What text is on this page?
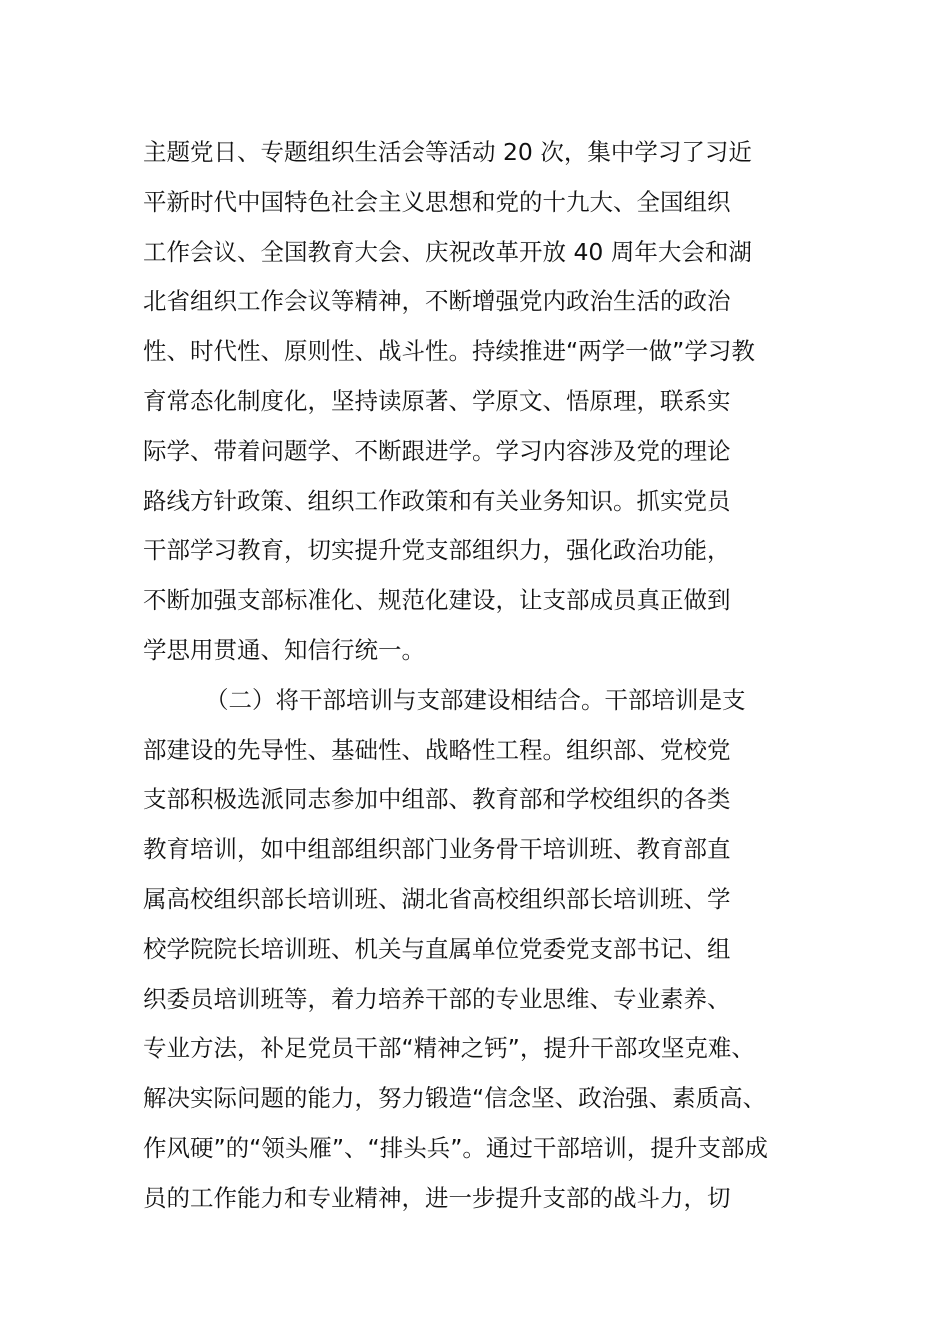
主题党日、专题组织生活会等活动 20 次，集中学习了习近
平新时代中国特色社会主义思想和党的十九大、全国组织
工作会议、全国教育大会、庆祝改革开放 40 周年大会和湖
北省组织工作会议等精神，不断增强党内政治生活的政治
性、时代性、原则性、战斗性。持续推进“两学一做”学习教
育常态化制度化，坚持读原著、学原文、悟原理，联系实
际学、带着问题学、不断跟进学。学习内容涉及党的理论
路线方针政策、组织工作政策和有关业务知识。抓实党员
干部学习教育，切实提升党支部组织力，强化政治功能，
不断加强支部标准化、规范化建设，让支部成员真正做到
学思用贯通、知信行统一。
（二）将干部培训与支部建设相结合。干部培训是支
部建设的先导性、基础性、战略性工程。组织部、党校党
支部积极选派同志参加中组部、教育部和学校组织的各类
教育培训，如中组部组织部门业务骨干培训班、教育部直
属高校组织部长培训班、湖北省高校组织部长培训班、学
校学院院长培训班、机关与直属单位党委党支部书记、组
织委员培训班等，着力培养干部的专业思维、专业素养、
专业方法，补足党员干部“精神之钙”，提升干部攻坚克难、
解决实际问题的能力，努力锻造“信念坚、政治强、素质高、
作风硬”的“领头雁”、“排头兵”。通过干部培训，提升支部成
员的工作能力和专业精神，进一步提升支部的战斗力，切
